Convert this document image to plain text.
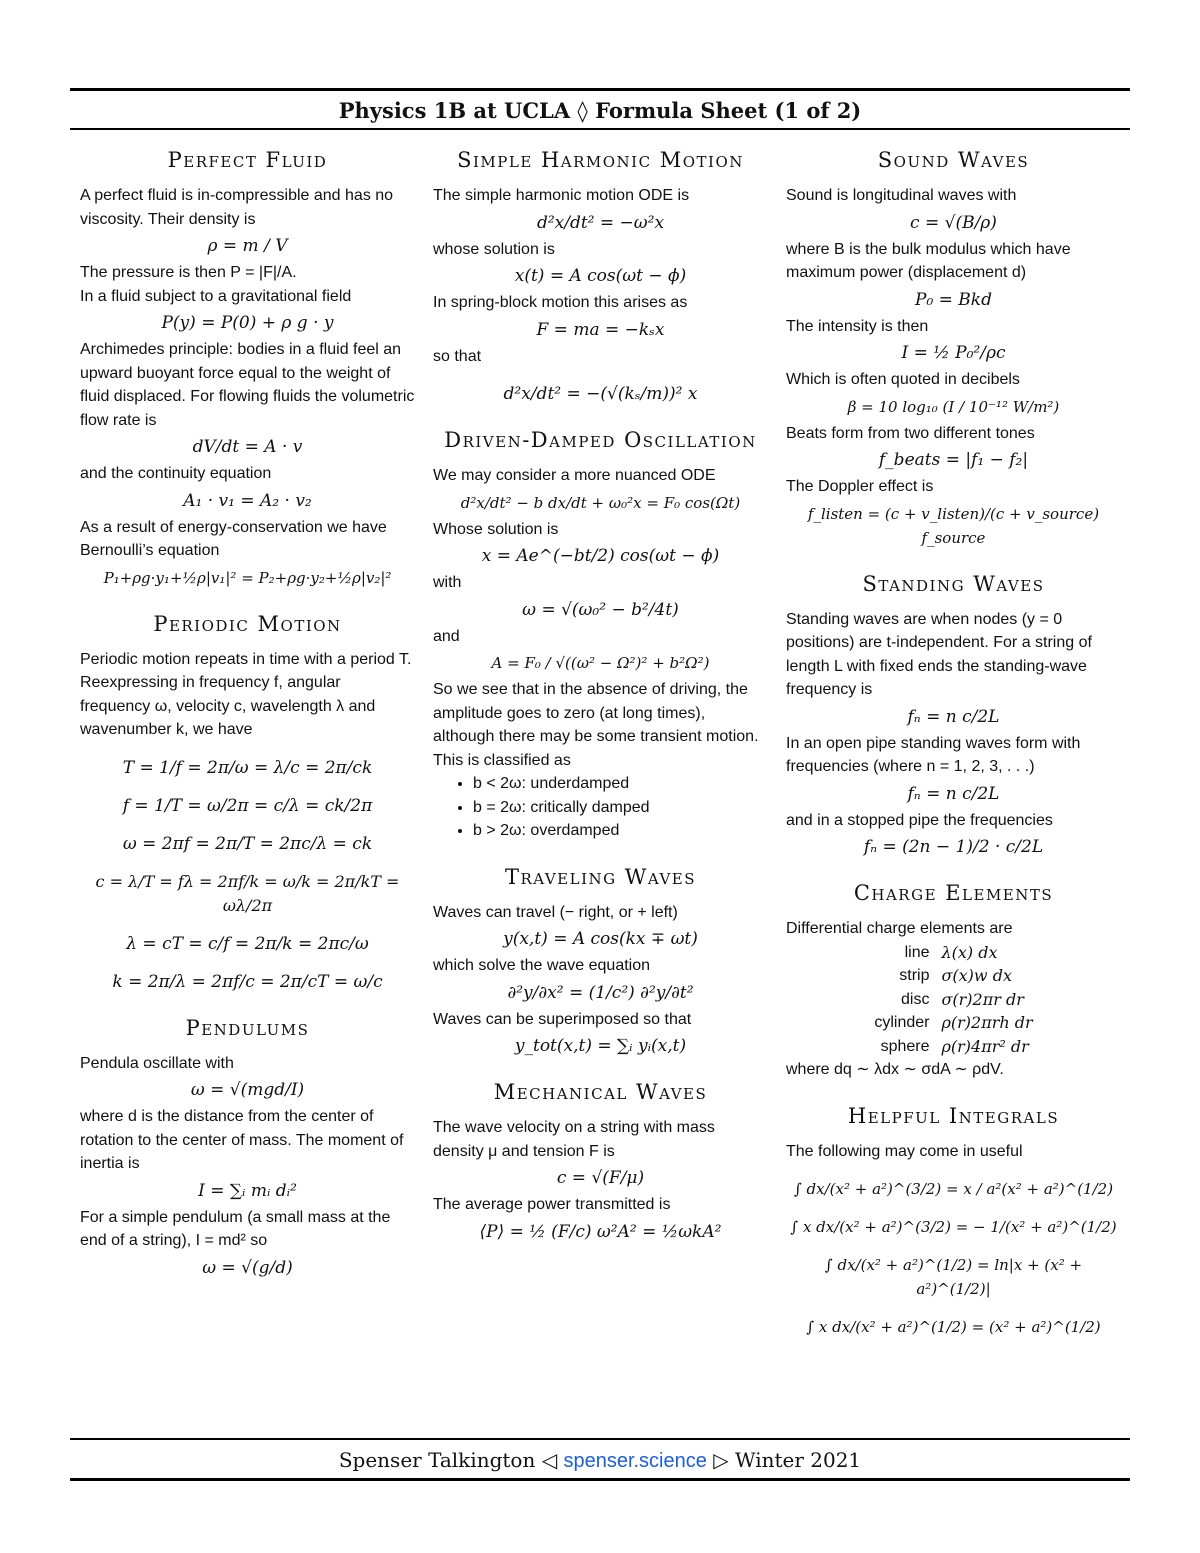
Physics 1B at UCLA ◊ Formula Sheet (1 of 2)
Perfect Fluid

A perfect fluid is in-compressible and has no viscosity. Their density is

ρ = m / V

The pressure is then P = |F|/A.

In a fluid subject to a gravitational field

P(y) = P(0) + ρ g · y

Archimedes principle: bodies in a fluid feel an upward buoyant force equal to the weight of fluid displaced. For flowing fluids the volumetric flow rate is

dV/dt = A · v

and the continuity equation

A₁ · v₁ = A₂ · v₂

As a result of energy-conservation we have Bernoulli’s equation

P₁+ρg·y₁+½ρ|v₁|² = P₂+ρg·y₂+½ρ|v₂|²
Periodic Motion

Periodic motion repeats in time with a period T. Reexpressing in frequency f, angular frequency ω, velocity c, wavelength λ and wavenumber k, we have

T = 1/f = 2π/ω = λ/c = 2π/ck
f = 1/T = ω/2π = c/λ = ck/2π
ω = 2πf = 2π/T = 2πc/λ = ck
c = λ/T = fλ = 2πf/k = ω/k = 2π/kT = ωλ/2π
λ = cT = c/f = 2π/k = 2πc/ω
k = 2π/λ = 2πf/c = 2π/cT = ω/c
Pendulums

Pendula oscillate with

ω = √(mgd/I)

where d is the distance from the center of rotation to the center of mass. The moment of inertia is

I = ∑ᵢ mᵢ dᵢ²

For a simple pendulum (a small mass at the end of a string), I = md² so

ω = √(g/d)
Simple Harmonic Motion

The simple harmonic motion ODE is

d²x/dt² = −ω²x

whose solution is

x(t) = A cos(ωt − ϕ)

In spring-block motion this arises as

F = ma = −kₛx

so that

d²x/dt² = −(√(kₛ/m))² x
Driven-Damped Oscillation

We may consider a more nuanced ODE

d²x/dt² − b dx/dt + ω₀²x = F₀ cos(Ωt)

Whose solution is

x = Ae^(−bt/2) cos(ωt − ϕ)

with

ω = √(ω₀² − b²/4t)

and

A = F₀ / √((ω² − Ω²)² + b²Ω²)

So we see that in the absence of driving, the amplitude goes to zero (at long times), although there may be some transient motion. This is classified as

• b < 2ω: underdamped
• b = 2ω: critically damped
• b > 2ω: overdamped
Traveling Waves

Waves can travel (− right, or + left)

y(x,t) = A cos(kx ∓ ωt)

which solve the wave equation

∂²y/∂x² = (1/c²) ∂²y/∂t²

Waves can be superimposed so that

y_tot(x,t) = ∑ᵢ yᵢ(x,t)
Mechanical Waves

The wave velocity on a string with mass density μ and tension F is

c = √(F/μ)

The average power transmitted is

⟨P⟩ = ½ (F/c) ω²A² = ½ωkA²
Sound Waves

Sound is longitudinal waves with

c = √(B/ρ)

where B is the bulk modulus which have maximum power (displacement d)

P₀ = Bkd

The intensity is then

I = ½ P₀²/ρc

Which is often quoted in decibels

β = 10 log₁₀ (I / 10⁻¹² W/m²)

Beats form from two different tones

f_beats = |f₁ − f₂|

The Doppler effect is

f_listen = (c + v_listen)/(c + v_source) f_source
Standing Waves

Standing waves are when nodes (y = 0 positions) are t-independent. For a string of length L with fixed ends the standing-wave frequency is

fₙ = n c/2L

In an open pipe standing waves form with frequencies (where n = 1, 2, 3, . . .)

fₙ = n c/2L

and in a stopped pipe the frequencies

fₙ = (2n − 1)/2 · c/2L
Charge Elements

Differential charge elements are

line	λ(x) dx
strip	σ(x)w dx
disc	σ(r)2πr dr
cylinder	ρ(r)2πrh dr
sphere	ρ(r)4πr² dr

where dq ∼ λdx ∼ σdA ∼ ρdV.

Helpful Integrals

The following may come in useful

∫ dx/(x² + a²)^(3/2) = x / a²(x² + a²)^(1/2)
∫ x dx/(x² + a²)^(3/2) = − 1/(x² + a²)^(1/2)
∫ dx/(x² + a²)^(1/2) = ln|x + (x² + a²)^(1/2)|
∫ x dx/(x² + a²)^(1/2) = (x² + a²)^(1/2)
Spenser Talkington ◁ spenser.science ▷ Winter 2021
